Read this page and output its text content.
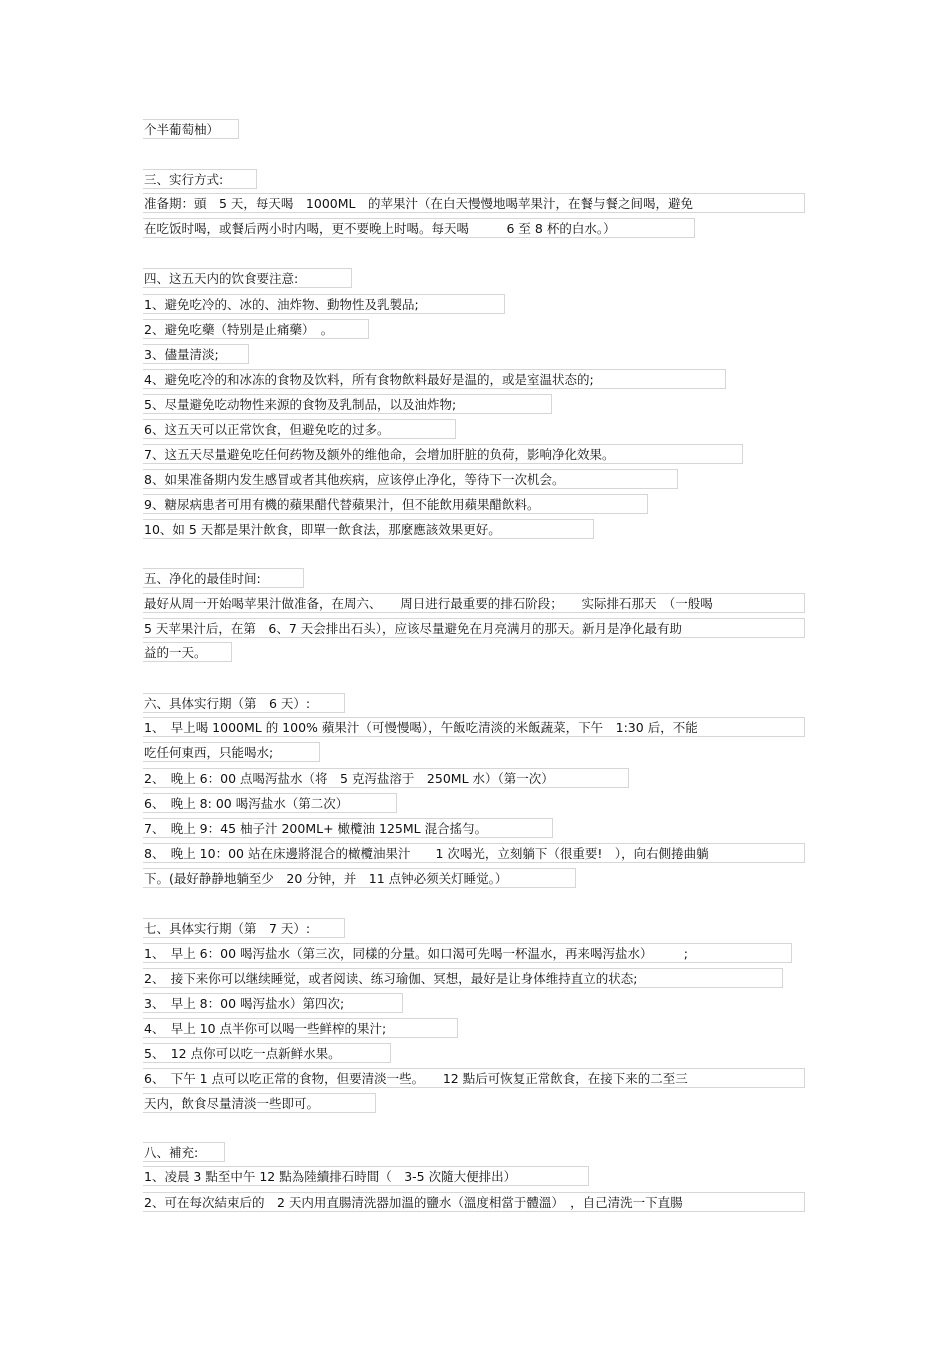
个半葡萄柚）
三、实行方式:
准备期：頭　5 天，每天喝　1000ML　的苹果汁（在白天慢慢地喝苹果汁，在餐与餐之间喝，避免
在吃饭时喝，或餐后两小时内喝，更不要晚上时喝。每天喝　　　6 至 8 杯的白水。）
四、这五天内的饮食要注意:
1、避免吃冷的、冰的、油炸物、動物性及乳製品;
2、避免吃藥（特别是止痛藥）　。
3、儘量清淡;
4、避免吃冷的和冰冻的食物及饮料，所有食物飲料最好是温的，或是室温状态的;
5、尽量避免吃动物性来源的食物及乳制品，以及油炸物;
6、这五天可以正常饮食，但避免吃的过多。
7、这五天尽量避免吃任何药物及额外的维他命，会增加肝脏的负荷，影响净化效果。
8、如果准备期内发生感冒或者其他疾病，应该停止净化，等待下一次机会。
9、糖尿病患者可用有機的蘋果醋代替蘋果汁，但不能飲用蘋果醋飲料。
10、如 5 天都是果汁飲食，即單一飲食法，那麼應該效果更好。
五、净化的最佳时间:
最好从周一开始喝苹果汁做准备，在周六、　　周日进行最重要的排石阶段；　　实际排石那天　（一般喝
5 天苹果汁后，在第　6、7 天会排出石头），应该尽量避免在月亮满月的那天。新月是净化最有助
益的一天。
六、具体实行期（第　6 天）:
1、　早上喝 1000ML 的 100% 蘋果汁（可慢慢喝），午飯吃清淡的米飯蔬菜，下午　1:30 后，不能
吃任何東西，只能喝水;
2、　晚上 6：00 点喝泻盐水（将　5 克泻盐溶于　250ML 水）（第一次）
6、　晚上 8: 00 喝泻盐水（第二次）
7、　晚上 9：45 柚子汁 200ML+ 橄欖油 125ML 混合搖勻。
8、　晚上 10：00 站在床邊將混合的橄欖油果汁　　1 次喝光，立刻躺下（很重要!　），向右側捲曲躺
下。(最好静静地躺至少　20 分钟，并　11 点钟必须关灯睡觉。）
七、具体实行期（第　7 天）:
1、　早上 6：00 喝泻盐水（第三次，同樣的分量。如口渴可先喝一杯温水，再来喝泻盐水）　　　;
2、　接下来你可以继续睡觉，或者阅读、练习瑜伽、冥想，最好是让身体维持直立的状态;
3、　早上 8：00 喝泻盐水）第四次;
4、　早上 10 点半你可以喝一些鲜榨的果汁;
5、　12 点你可以吃一点新鲜水果。
6、　下午 1 点可以吃正常的食物，但要清淡一些。　　12 點后可恢复正常飲食，在接下来的二至三
天内，飲食尽量清淡一些即可。
八、補充:
1、凌晨 3 點至中午 12 點為陸續排石時間（　3-5 次隨大便排出）
2、可在每次結束后的　2 天内用直腸清洗器加溫的鹽水（溫度相當于體溫）　，自己清洗一下直腸
